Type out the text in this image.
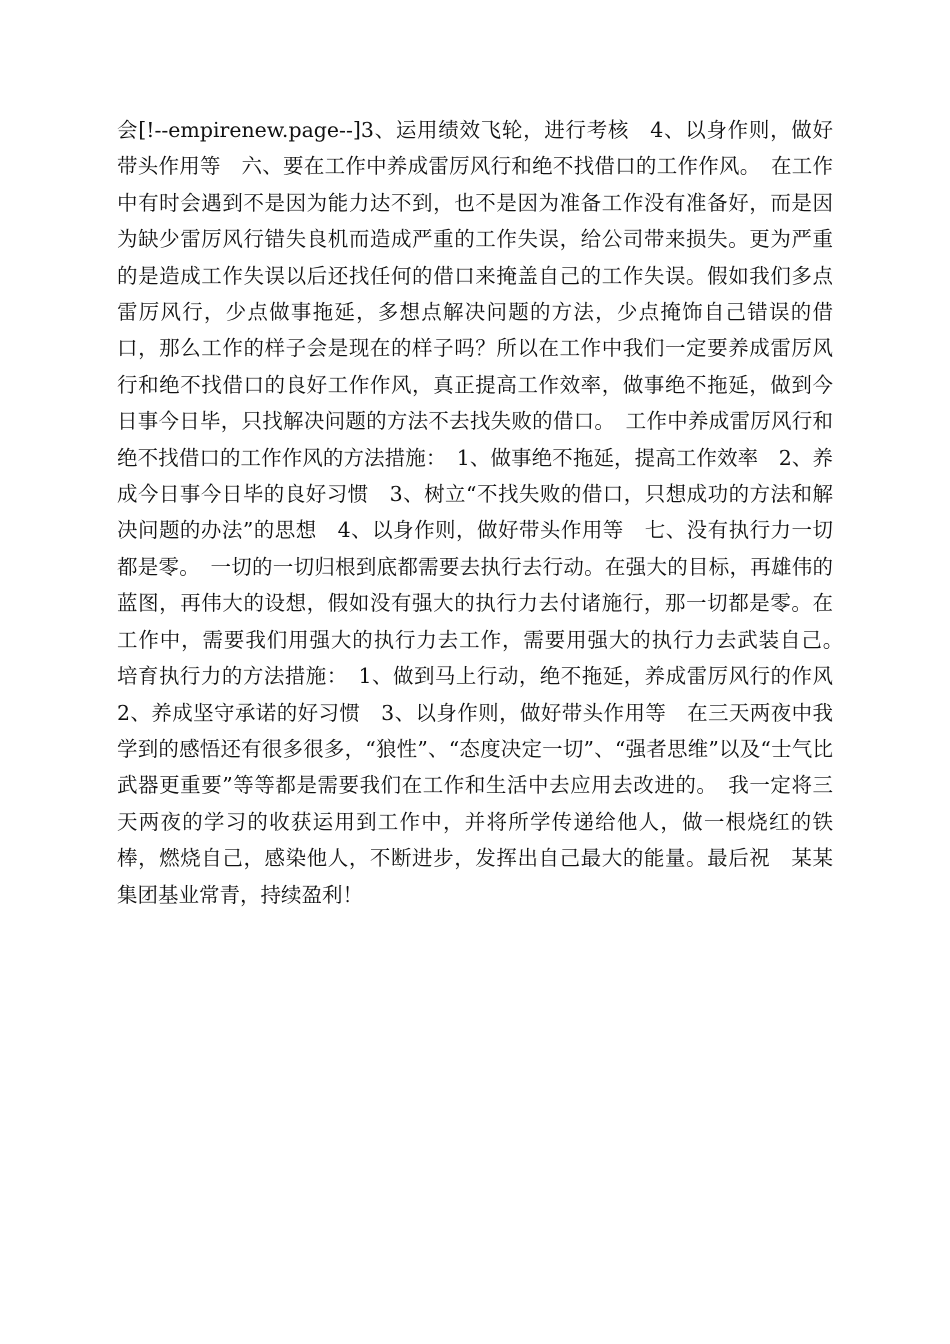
会[!--empirenew.page--]3、运用绩效飞轮，进行考核　4、以身作则，做好带头作用等　六、要在工作中养成雷厉风行和绝不找借口的工作作风。　在工作中有时会遇到不是因为能力达不到，也不是因为准备工作没有准备好，而是因为缺少雷厉风行错失良机而造成严重的工作失误，给公司带来损失。更为严重的是造成工作失误以后还找任何的借口来掩盖自己的工作失误。假如我们多点雷厉风行，少点做事拖延，多想点解决问题的方法，少点掩饰自己错误的借口，那么工作的样子会是现在的样子吗？所以在工作中我们一定要养成雷厉风行和绝不找借口的良好工作作风，真正提高工作效率，做事绝不拖延，做到今日事今日毕，只找解决问题的方法不去找失败的借口。　工作中养成雷厉风行和绝不找借口的工作作风的方法措施：　1、做事绝不拖延，提高工作效率　2、养成今日事今日毕的良好习惯　3、树立“不找失败的借口，只想成功的方法和解决问题的办法”的思想　4、以身作则，做好带头作用等　七、没有执行力一切都是零。　一切的一切归根到底都需要去执行去行动。在强大的目标，再雄伟的蓝图，再伟大的设想，假如没有强大的执行力去付诸施行，那一切都是零。在工作中，需要我们用强大的执行力去工作，需要用强大的执行力去武装自己。　培育执行力的方法措施：　1、做到马上行动，绝不拖延，养成雷厉风行的作风　2、养成坚守承诺的好习惯　3、以身作则，做好带头作用等　在三天两夜中我学到的感悟还有很多很多，“狼性”、“态度决定一切”、“强者思维”以及“士气比武器更重要”等等都是需要我们在工作和生活中去应用去改进的。　我一定将三天两夜的学习的收获运用到工作中，并将所学传递给他人，做一根烧红的铁棒，燃烧自己，感染他人，不断进步，发挥出自己最大的能量。最后祝　某某集团基业常青，持续盈利！
